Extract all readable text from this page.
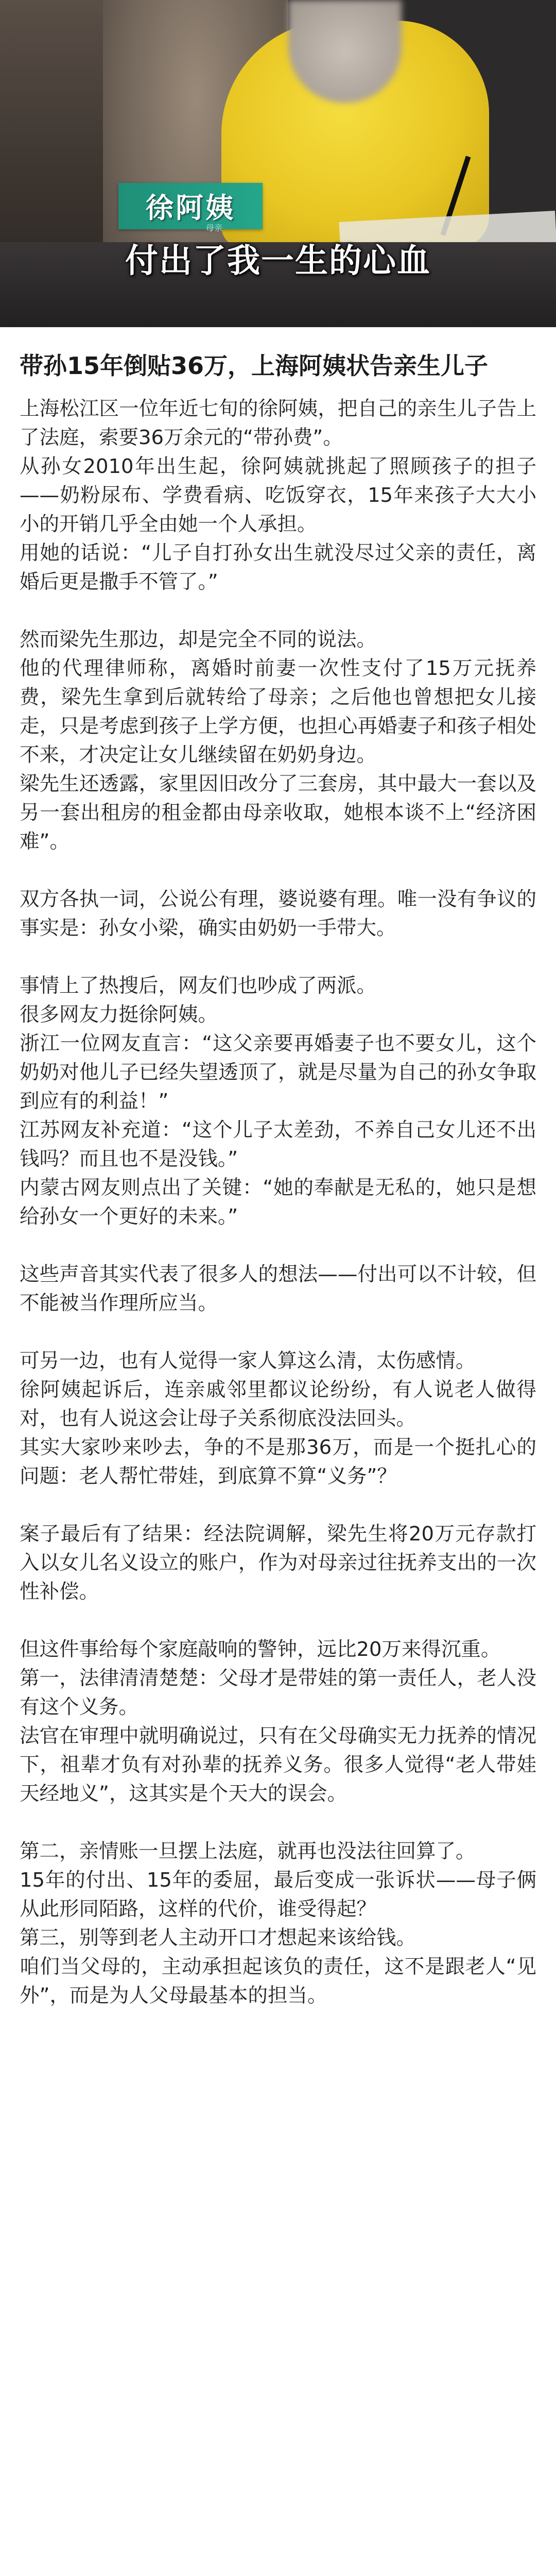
徐阿姨
母亲
付出了我一生的心血
带孙15年倒贴36万，上海阿姨状告亲生儿子

上海松江区一位年近七旬的徐阿姨，把自己的亲生儿子告上了法庭，索要36万余元的“带孙费”。

从孙女2010年出生起，徐阿姨就挑起了照顾孩子的担子——奶粉尿布、学费看病、吃饭穿衣，15年来孩子大大小小的开销几乎全由她一个人承担。

用她的话说：“儿子自打孙女出生就没尽过父亲的责任，离婚后更是撒手不管了。”

然而梁先生那边，却是完全不同的说法。

他的代理律师称，离婚时前妻一次性支付了15万元抚养费，梁先生拿到后就转给了母亲；之后他也曾想把女儿接走，只是考虑到孩子上学方便，也担心再婚妻子和孩子相处不来，才决定让女儿继续留在奶奶身边。

梁先生还透露，家里因旧改分了三套房，其中最大一套以及另一套出租房的租金都由母亲收取，她根本谈不上“经济困难”。

双方各执一词，公说公有理，婆说婆有理。唯一没有争议的事实是：孙女小梁，确实由奶奶一手带大。

事情上了热搜后，网友们也吵成了两派。

很多网友力挺徐阿姨。

浙江一位网友直言：“这父亲要再婚妻子也不要女儿，这个奶奶对他儿子已经失望透顶了，就是尽量为自己的孙女争取到应有的利益！”

江苏网友补充道：“这个儿子太差劲，不养自己女儿还不出钱吗？而且也不是没钱。”

内蒙古网友则点出了关键：“她的奉献是无私的，她只是想给孙女一个更好的未来。”

这些声音其实代表了很多人的想法——付出可以不计较，但不能被当作理所应当。

可另一边，也有人觉得一家人算这么清，太伤感情。

徐阿姨起诉后，连亲戚邻里都议论纷纷，有人说老人做得对，也有人说这会让母子关系彻底没法回头。

其实大家吵来吵去，争的不是那36万，而是一个挺扎心的问题：老人帮忙带娃，到底算不算“义务”？

案子最后有了结果：经法院调解，梁先生将20万元存款打入以女儿名义设立的账户，作为对母亲过往抚养支出的一次性补偿。

但这件事给每个家庭敲响的警钟，远比20万来得沉重。

第一，法律清清楚楚：父母才是带娃的第一责任人，老人没有这个义务。

法官在审理中就明确说过，只有在父母确实无力抚养的情况下，祖辈才负有对孙辈的抚养义务。很多人觉得“老人带娃天经地义”，这其实是个天大的误会。

第二，亲情账一旦摆上法庭，就再也没法往回算了。

15年的付出、15年的委屈，最后变成一张诉状——母子俩从此形同陌路，这样的代价，谁受得起？

第三，别等到老人主动开口才想起来该给钱。

咱们当父母的，主动承担起该负的责任，这不是跟老人“见外”，而是为人父母最基本的担当。
